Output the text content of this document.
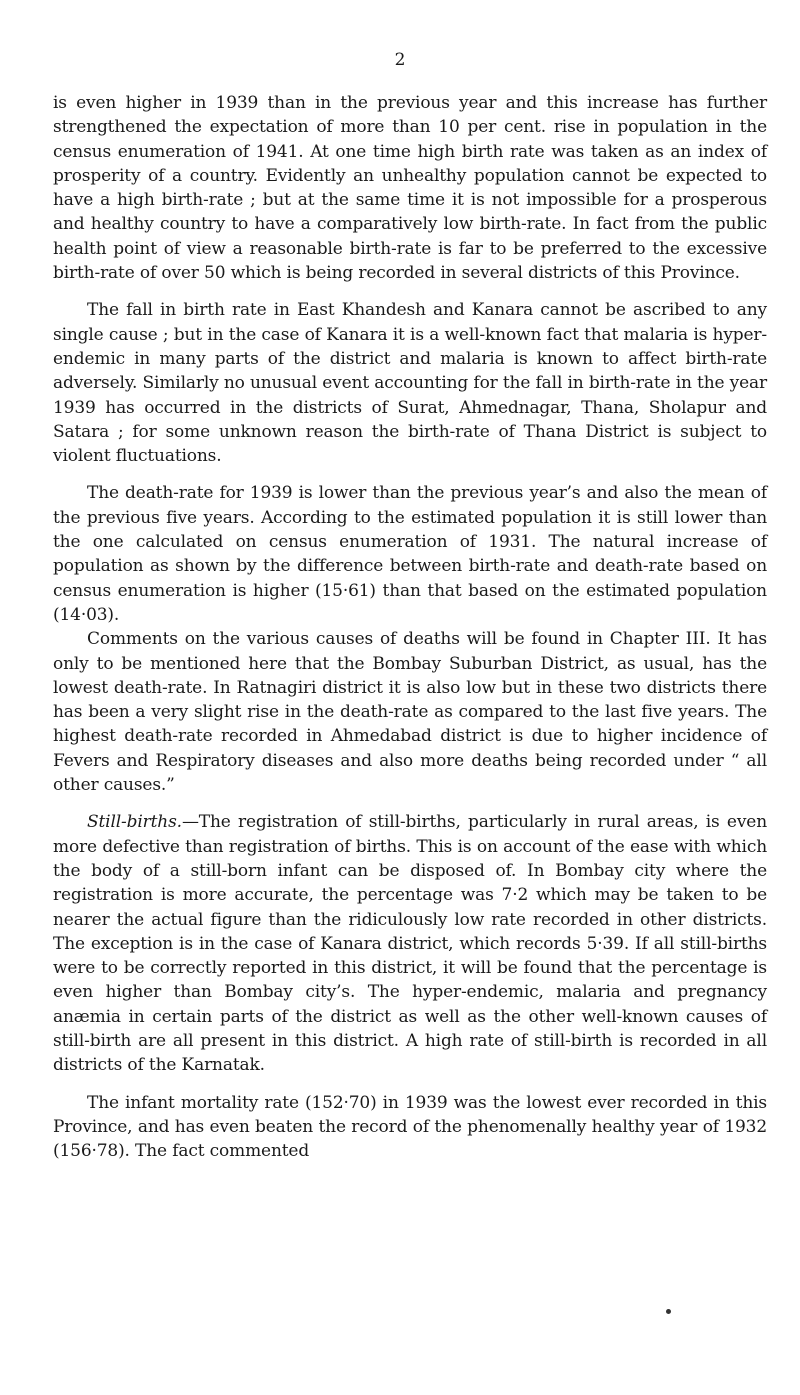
2

is even higher in 1939 than in the previous year and this increase has further strengthened the expectation of more than 10 per cent. rise in population in the census enumeration of 1941. At one time high birth rate was taken as an index of prosperity of a country. Evidently an unhealthy population cannot be expected to have a high birth-rate ; but at the same time it is not impossible for a prosperous and healthy country to have a comparatively low birth-rate. In fact from the public health point of view a reasonable birth-rate is far to be preferred to the excessive birth-rate of over 50 which is being recorded in several districts of this Province.

The fall in birth rate in East Khandesh and Kanara cannot be ascribed to any single cause ; but in the case of Kanara it is a well-known fact that malaria is hyper-endemic in many parts of the district and malaria is known to affect birth-rate adversely. Similarly no unusual event accounting for the fall in birth-rate in the year 1939 has occurred in the districts of Surat, Ahmednagar, Thana, Sholapur and Satara ; for some unknown reason the birth-rate of Thana District is subject to violent fluctuations.

The death-rate for 1939 is lower than the previous year’s and also the mean of the previous five years. According to the estimated population it is still lower than the one calculated on census enumeration of 1931. The natural increase of population as shown by the difference between birth-rate and death-rate based on census enumeration is higher (15·61) than that based on the estimated population (14·03).

Comments on the various causes of deaths will be found in Chapter III. It has only to be mentioned here that the Bombay Suburban District, as usual, has the lowest death-rate. In Ratnagiri district it is also low but in these two districts there has been a very slight rise in the death-rate as compared to the last five years. The highest death-rate recorded in Ahmedabad district is due to higher incidence of Fevers and Respiratory diseases and also more deaths being recorded under “ all other causes.”

Still-births.—The registration of still-births, particularly in rural areas, is even more defective than registration of births. This is on account of the ease with which the body of a still-born infant can be disposed of. In Bombay city where the registration is more accurate, the percentage was 7·2 which may be taken to be nearer the actual figure than the ridiculously low rate recorded in other districts. The exception is in the case of Kanara district, which records 5·39. If all still-births were to be correctly reported in this district, it will be found that the percentage is even higher than Bombay city’s. The hyper-endemic, malaria and pregnancy anæmia in certain parts of the district as well as the other well-known causes of still-birth are all present in this district. A high rate of still-birth is recorded in all districts of the Karnatak.

The infant mortality rate (152·70) in 1939 was the lowest ever recorded in this Province, and has even beaten the record of the phenomenally healthy year of 1932 (156·78). The fact commented
